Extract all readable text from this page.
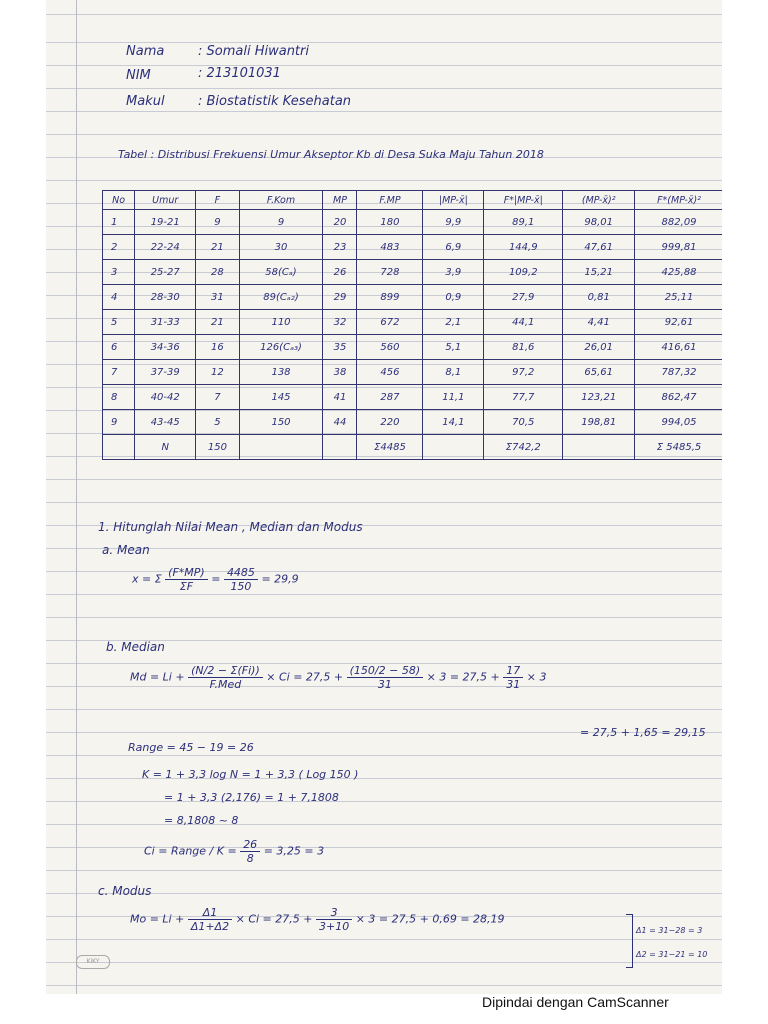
Nama	: Somali Hiwantri
NIM	: 213101031
Makul	: Biostatistik Kesehatan
Tabel : Distribusi Frekuensi Umur Akseptor Kb di Desa Suka Maju Tahun 2018
No	Umur	F	F.Kom	MP	F.MP	|MP-x̄|	F*|MP-x̄|	(MP-x̄)²	F*(MP-x̄)²
1	19-21	9	9	20	180	9,9	89,1	98,01	882,09
2	22-24	21	30	23	483	6,9	144,9	47,61	999,81
3	25-27	28	58(Cₐ)	26	728	3,9	109,2	15,21	425,88
4	28-30	31	89(Cₐ₂)	29	899	0,9	27,9	0,81	25,11
5	31-33	21	110	32	672	2,1	44,1	4,41	92,61
6	34-36	16	126(Cₐ₃)	35	560	5,1	81,6	26,01	416,61
7	37-39	12	138	38	456	8,1	97,2	65,61	787,32
8	40-42	7	145	41	287	11,1	77,7	123,21	862,47
9	43-45	5	150	44	220	14,1	70,5	198,81	994,05
	N	150			Σ4485		Σ742,2		Σ 5485,5
1. Hitunglah Nilai Mean , Median dan Modus
a. Mean
x = Σ $\frac{(F*MP)}{\Sigma F} = \frac{4485}{150} = 29,9$
b. Median
$Md = Li + \frac{(N/2 - \Sigma(Fi))}{\text{F.Med}} \times Ci = 27,5 + \frac{(150/2 - 58)}{31} \times 3 = 27,5 + \frac{17}{31} \times 3$
= 27,5 + 1,65 = 29,15
Range = 45 − 19 = 26
K = 1 + 3,3 log N = 1 + 3,3 ( Log 150 )
= 1 + 3,3 (2,176) = 1 + 7,1808
= 8,1808 ~ 8
Ci = Range / $K = \frac{26}{8} = 3,25 = 3$
c. Modus
$Mo = Li + \frac{\Delta 1}{\Delta 1+\Delta 2} \times Ci = 27,5 + \frac{3}{3+10} \times 3 = 27,5 + 0,69 = 28,19$
Δ1 = 31−28 = 3
Δ2 = 31−21 = 10
KIKY
Dipindai dengan CamScanner
